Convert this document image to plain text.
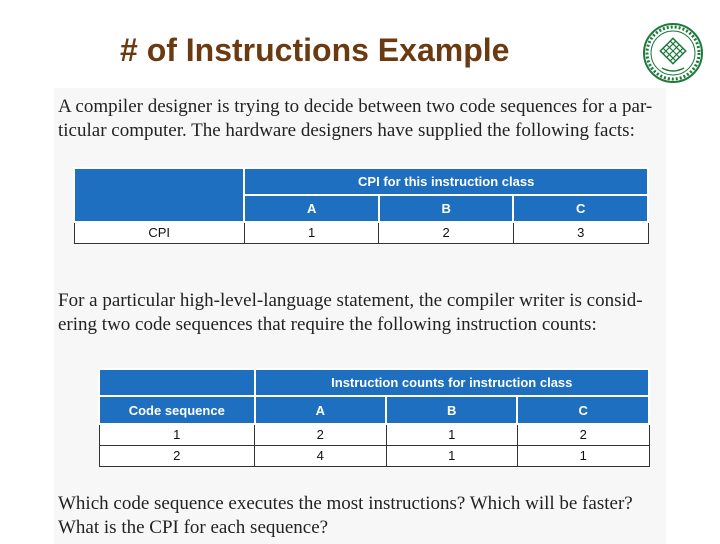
# of Instructions Example
A compiler designer is trying to decide between two code sequences for a par-
ticular computer. The hardware designers have supplied the following facts:
	CPI for this instruction class		
	A	B	C
CPI	1	2	3
For a particular high-level-language statement, the compiler writer is consid-
ering two code sequences that require the following instruction counts:
	Instruction counts for instruction class		
Code sequence	A	B	C
1	2	1	2
2	4	1	1
Which code sequence executes the most instructions? Which will be faster?
What is the CPI for each sequence?
